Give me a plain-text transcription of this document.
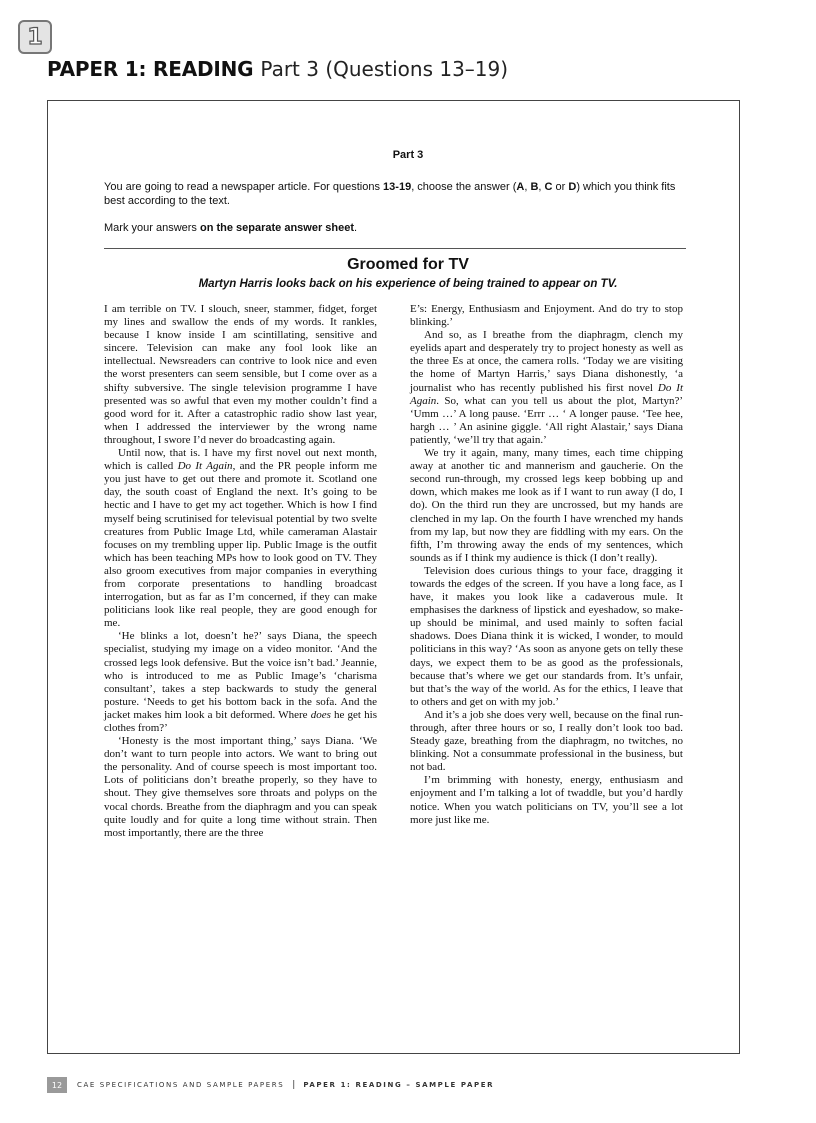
1
PAPER 1: READING Part 3 (Questions 13–19)
Part 3
You are going to read a newspaper article. For questions 13-19, choose the answer (A, B, C or D) which you think fits best according to the text.
Mark your answers on the separate answer sheet.
Groomed for TV
Martyn Harris looks back on his experience of being trained to appear on TV.

I am terrible on TV. I slouch, sneer, stammer, fidget, forget my lines and swallow the ends of my words. It rankles, because I know inside I am scintillating, sensitive and sincere. Television can make any fool look like an intellectual. Newsreaders can contrive to look nice and even the worst presenters can seem sensible, but I come over as a shifty subversive. The single television programme I have presented was so awful that even my mother couldn’t find a good word for it. After a catastrophic radio show last year, when I addressed the interviewer by the wrong name throughout, I swore I’d never do broadcasting again.

Until now, that is. I have my first novel out next month, which is called Do It Again, and the PR people inform me you just have to get out there and promote it. Scotland one day, the south coast of England the next. It’s going to be hectic and I have to get my act together. Which is how I find myself being scrutinised for televisual potential by two svelte creatures from Public Image Ltd, while cameraman Alastair focuses on my trembling upper lip. Public Image is the outfit which has been teaching MPs how to look good on TV. They also groom executives from major companies in everything from corporate presentations to handling broadcast interrogation, but as far as I’m concerned, if they can make politicians look like real people, they are good enough for me.

‘He blinks a lot, doesn’t he?’ says Diana, the speech specialist, studying my image on a video monitor. ‘And the crossed legs look defensive. But the voice isn’t bad.’ Jeannie, who is introduced to me as Public Image’s ‘charisma consultant’, takes a step backwards to study the general posture. ‘Needs to get his bottom back in the sofa. And the jacket makes him look a bit deformed. Where does he get his clothes from?’

‘Honesty is the most important thing,’ says Diana. ‘We don’t want to turn people into actors. We want to bring out the personality. And of course speech is most important too. Lots of politicians don’t breathe properly, so they have to shout. They give themselves sore throats and polyps on the vocal chords. Breathe from the diaphragm and you can speak quite loudly and for quite a long time without strain. Then most importantly, there are the three

E’s: Energy, Enthusiasm and Enjoyment. And do try to stop blinking.’

And so, as I breathe from the diaphragm, clench my eyelids apart and desperately try to project honesty as well as the three Es at once, the camera rolls. ‘Today we are visiting the home of Martyn Harris,’ says Diana dishonestly, ‘a journalist who has recently published his first novel Do It Again. So, what can you tell us about the plot, Martyn?’ ‘Umm …’ A long pause. ‘Errr … ‘ A longer pause. ‘Tee hee, hargh … ’ An asinine giggle. ‘All right Alastair,’ says Diana patiently, ‘we’ll try that again.’

We try it again, many, many times, each time chipping away at another tic and mannerism and gaucherie. On the second run-through, my crossed legs keep bobbing up and down, which makes me look as if I want to run away (I do, I do). On the third run they are uncrossed, but my hands are clenched in my lap. On the fourth I have wrenched my hands from my lap, but now they are fiddling with my ears. On the fifth, I’m throwing away the ends of my sentences, which sounds as if I think my audience is thick (I don’t really).

Television does curious things to your face, dragging it towards the edges of the screen. If you have a long face, as I have, it makes you look like a cadaverous mule. It emphasises the darkness of lipstick and eyeshadow, so make-up should be minimal, and used mainly to soften facial shadows. Does Diana think it is wicked, I wonder, to mould politicians in this way? ‘As soon as anyone gets on telly these days, we expect them to be as good as the professionals, because that’s where we get our standards from. It’s unfair, but that’s the way of the world. As for the ethics, I leave that to others and get on with my job.’

And it’s a job she does very well, because on the final run-through, after three hours or so, I really don’t look too bad. Steady gaze, breathing from the diaphragm, no twitches, no blinking. Not a consummate professional in the business, but not bad.

I’m brimming with honesty, energy, enthusiasm and enjoyment and I’m talking a lot of twaddle, but you’d hardly notice. When you watch politicians on TV, you’ll see a lot more just like me.

12	CAE SPECIFICATIONS AND SAMPLE PAPERS | PAPER 1: READING – SAMPLE PAPER
